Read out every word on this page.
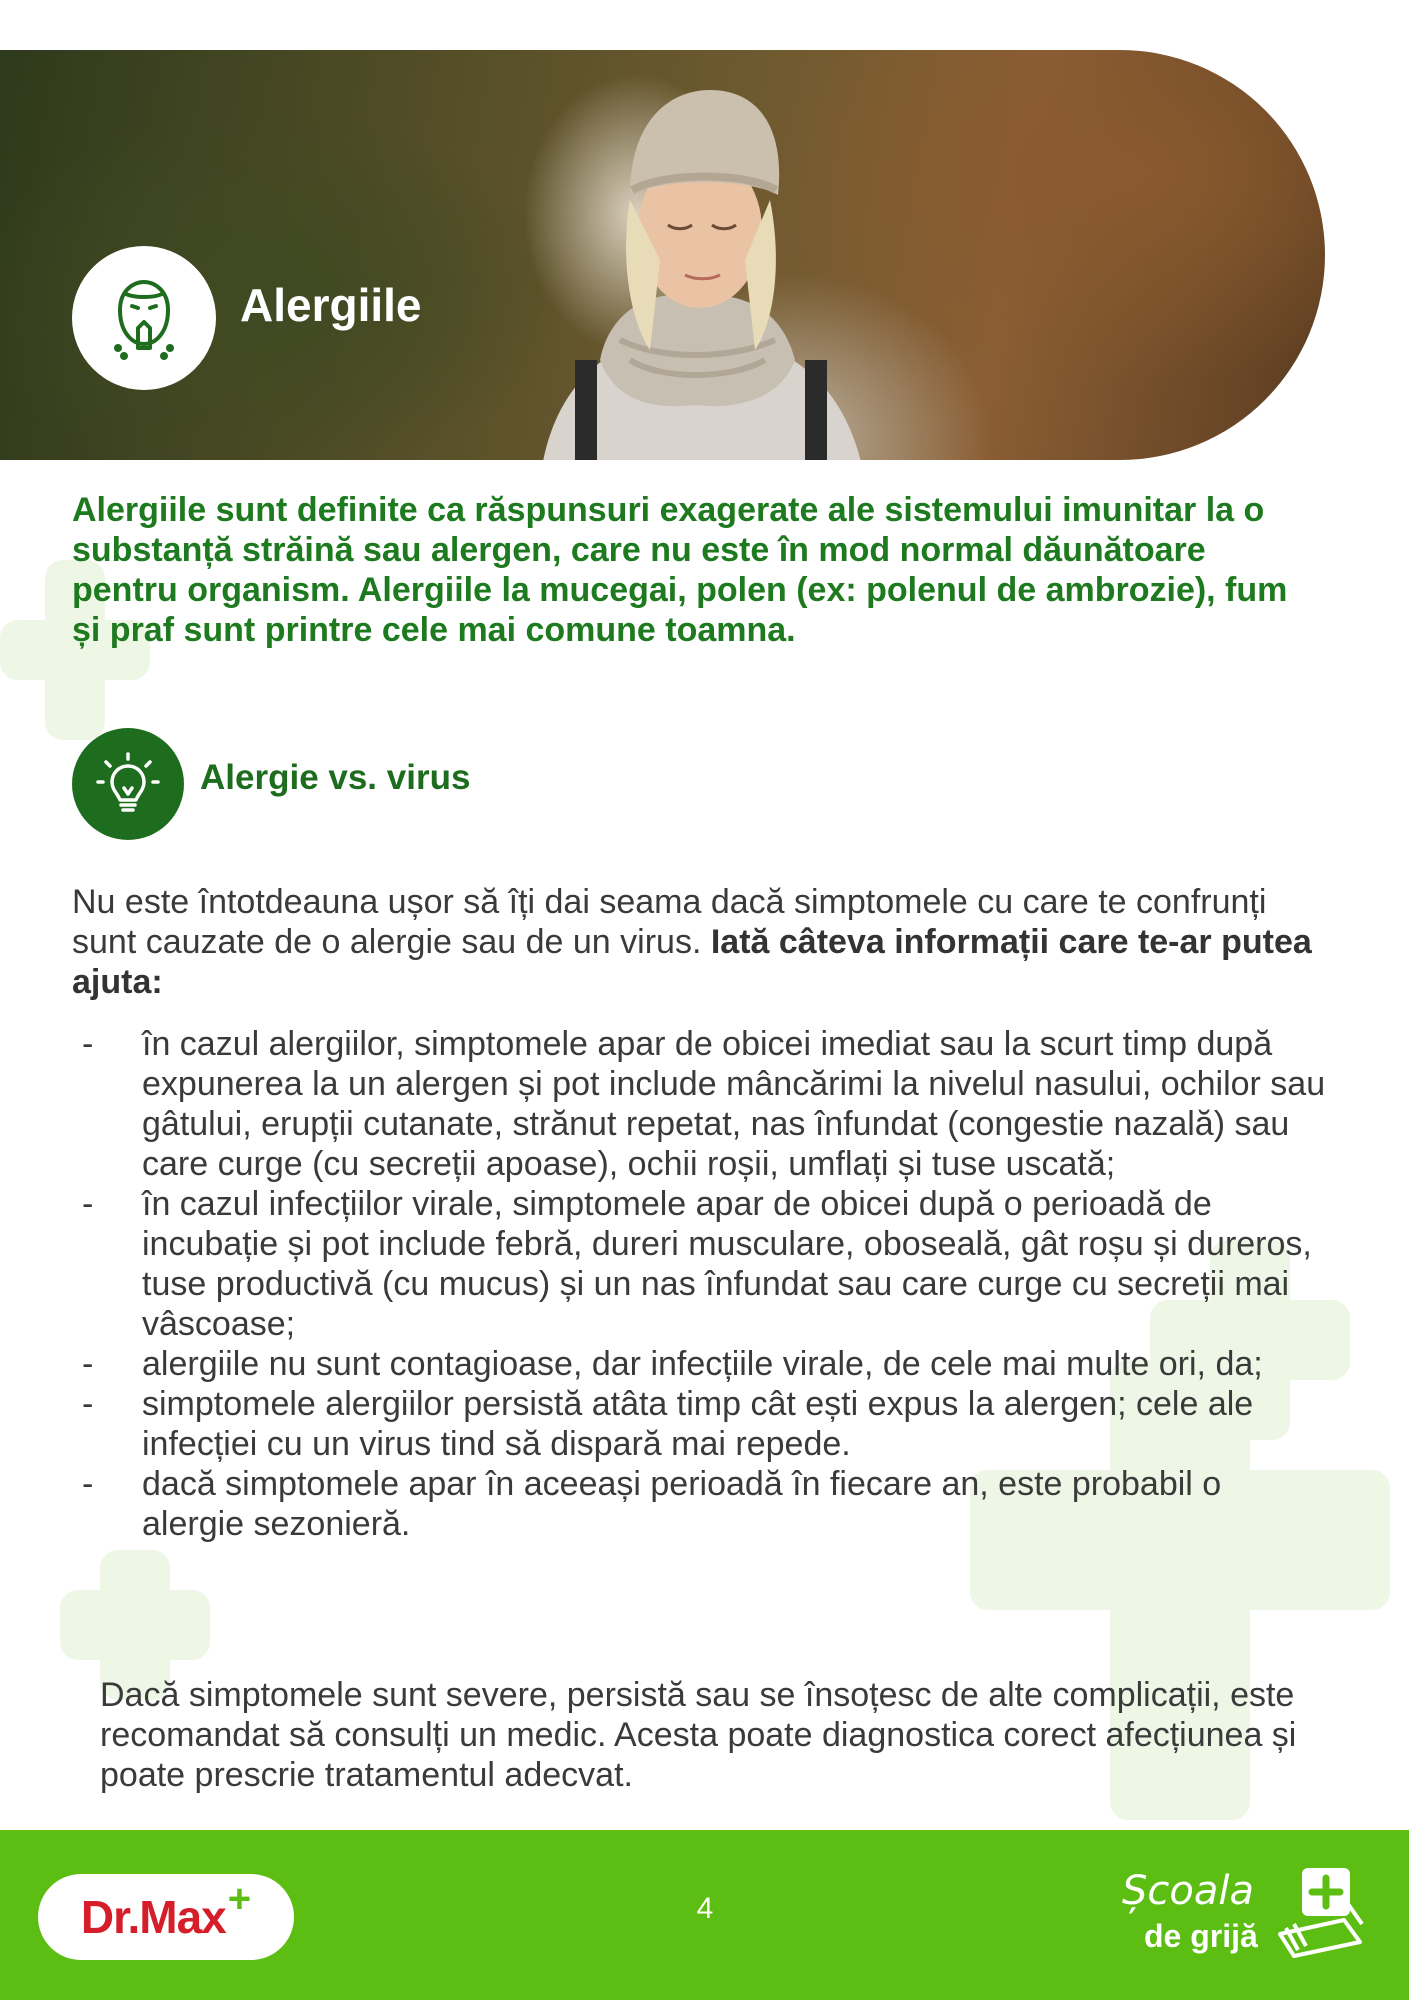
Alergiile

Alergiile sunt definite ca răspunsuri exagerate ale sistemului imunitar la o substanță străină sau alergen, care nu este în mod normal dăunătoare pentru organism. Alergiile la mucegai, polen (ex: polenul de ambrozie), fum și praf sunt printre cele mai comune toamna.

Alergie vs. virus

Nu este întotdeauna ușor să îți dai seama dacă simptomele cu care te confrunți sunt cauzate de o alergie sau de un virus. Iată câteva informații care te-ar putea ajuta:

- în cazul alergiilor, simptomele apar de obicei imediat sau la scurt timp după expunerea la un alergen și pot include mâncărimi la nivelul nasului, ochilor sau gâtului, erupții cutanate, strănut repetat, nas înfundat (congestie nazală) sau care curge (cu secreții apoase), ochii roșii, umflați și tuse uscată;
- în cazul infecțiilor virale, simptomele apar de obicei după o perioadă de incubație și pot include febră, dureri musculare, oboseală, gât roșu și dureros, tuse productivă (cu mucus) și un nas înfundat sau care curge cu secreții mai vâscoase;
- alergiile nu sunt contagioase, dar infecțiile virale, de cele mai multe ori, da;
- simptomele alergiilor persistă atâta timp cât ești expus la alergen; cele ale infecției cu un virus tind să dispară mai repede.
- dacă simptomele apar în aceeași perioadă în fiecare an, este probabil o alergie sezonieră.

Dacă simptomele sunt severe, persistă sau se însoțesc de alte complicații, este recomandat să consulți un medic. Acesta poate diagnostica corect afecțiunea și poate prescrie tratamentul adecvat.

Dr.Max +	4	Școala
de grijă
